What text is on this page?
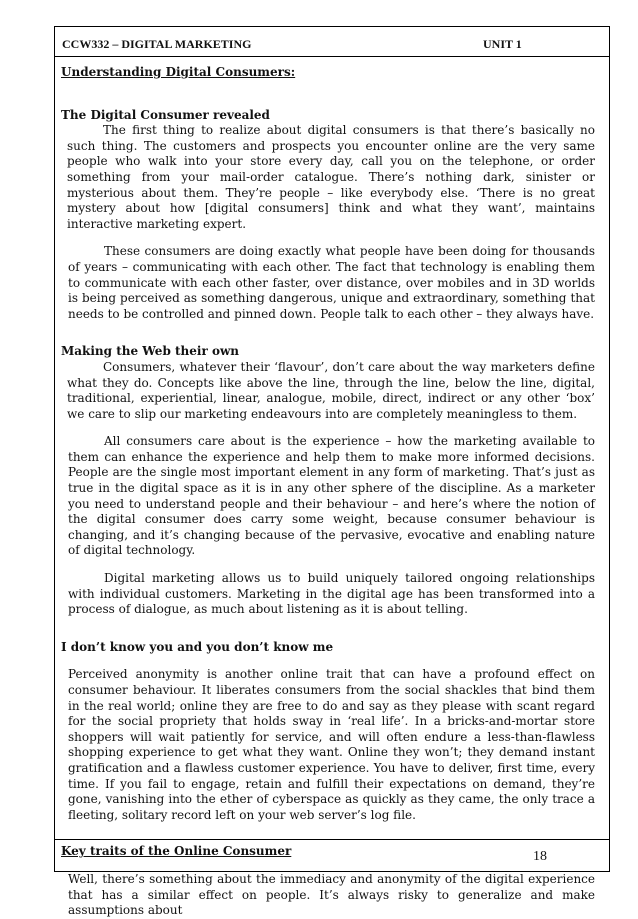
CCW332 – DIGITAL MARKETING	UNIT 1
Understanding Digital Consumers:
The Digital Consumer revealed

The first thing to realize about digital consumers is that there’s basically no such thing. The customers and prospects you encounter online are the very same people who walk into your store every day, call you on the telephone, or order something from your mail-order catalogue. There’s nothing dark, sinister or mysterious about them. They’re people – like everybody else. ‘There is no great mystery about how [digital consumers] think and what they want’, maintains interactive marketing expert.

These consumers are doing exactly what people have been doing for thousands of years – communicating with each other. The fact that technology is enabling them to communicate with each other faster, over distance, over mobiles and in 3D worlds is being perceived as something dangerous, unique and extraordinary, something that needs to be controlled and pinned down. People talk to each other – they always have.

Making the Web their own

Consumers, whatever their ‘flavour’, don’t care about the way marketers define what they do. Concepts like above the line, through the line, below the line, digital, traditional, experiential, linear, analogue, mobile, direct, indirect or any other ‘box’ we care to slip our marketing endeavours into are completely meaningless to them.

All consumers care about is the experience – how the marketing available to them can enhance the experience and help them to make more informed decisions. People are the single most important element in any form of marketing. That’s just as true in the digital space as it is in any other sphere of the discipline. As a marketer you need to understand people and their behaviour – and here’s where the notion of the digital consumer does carry some weight, because consumer behaviour is changing, and it’s changing because of the pervasive, evocative and enabling nature of digital technology.

Digital marketing allows us to build uniquely tailored ongoing relationships with individual customers. Marketing in the digital age has been transformed into a process of dialogue, as much about listening as it is about telling.

I don’t know you and you don’t know me

Perceived anonymity is another online trait that can have a profound effect on consumer behaviour. It liberates consumers from the social shackles that bind them in the real world; online they are free to do and say as they please with scant regard for the social propriety that holds sway in ‘real life’. In a bricks-and-mortar store shoppers will wait patiently for service, and will often endure a less-than-flawless shopping experience to get what they want. Online they won’t; they demand instant gratification and a flawless customer experience. You have to deliver, first time, every time. If you fail to engage, retain and fulfill their expectations on demand, they’re gone, vanishing into the ether of cyberspace as quickly as they came, the only trace a fleeting, solitary record left on your web server’s log file.

Key traits of the Online Consumer

Well, there’s something about the immediacy and anonymity of the digital experience that has a similar effect on people. It’s always risky to generalize and make assumptions about

18
